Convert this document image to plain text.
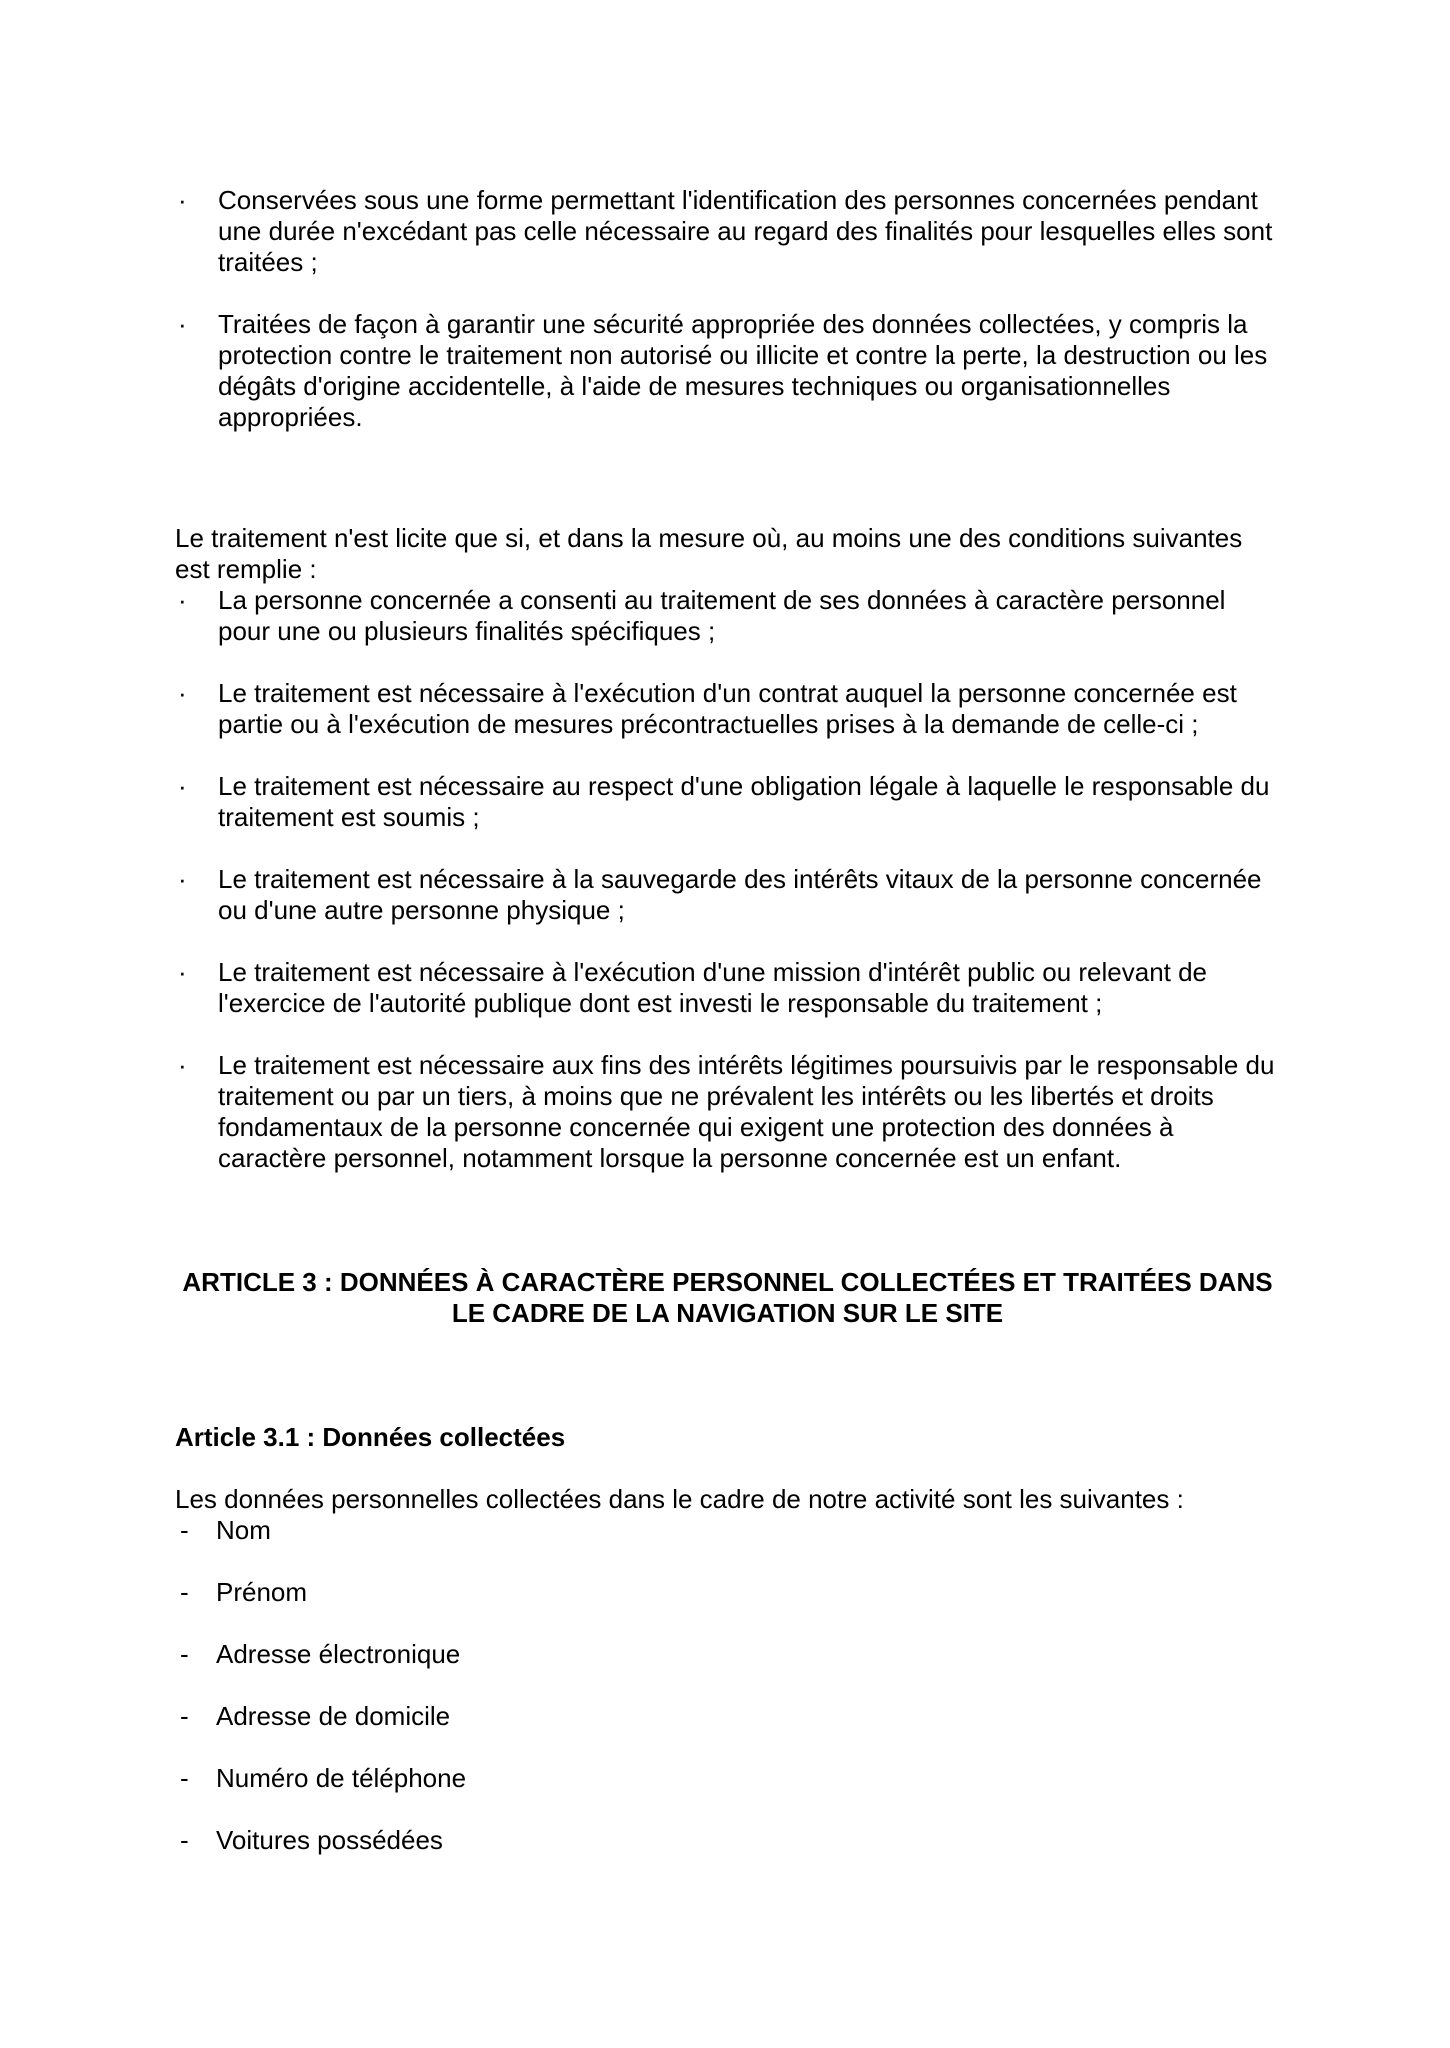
· Conservées sous une forme permettant l'identification des personnes concernées pendant une durée n'excédant pas celle nécessaire au regard des finalités pour lesquelles elles sont traitées ;
· Traitées de façon à garantir une sécurité appropriée des données collectées, y compris la protection contre le traitement non autorisé ou illicite et contre la perte, la destruction ou les dégâts d'origine accidentelle, à l'aide de mesures techniques ou organisationnelles appropriées.

Le traitement n'est licite que si, et dans la mesure où, au moins une des conditions suivantes est remplie :

· La personne concernée a consenti au traitement de ses données à caractère personnel pour une ou plusieurs finalités spécifiques ;
· Le traitement est nécessaire à l'exécution d'un contrat auquel la personne concernée est partie ou à l'exécution de mesures précontractuelles prises à la demande de celle-ci ;
· Le traitement est nécessaire au respect d'une obligation légale à laquelle le responsable du traitement est soumis ;
· Le traitement est nécessaire à la sauvegarde des intérêts vitaux de la personne concernée ou d'une autre personne physique ;
· Le traitement est nécessaire à l'exécution d'une mission d'intérêt public ou relevant de l'exercice de l'autorité publique dont est investi le responsable du traitement ;
· Le traitement est nécessaire aux fins des intérêts légitimes poursuivis par le responsable du traitement ou par un tiers, à moins que ne prévalent les intérêts ou les libertés et droits fondamentaux de la personne concernée qui exigent une protection des données à caractère personnel, notamment lorsque la personne concernée est un enfant.
ARTICLE 3 : DONNÉES À CARACTÈRE PERSONNEL COLLECTÉES ET TRAITÉES DANS LE CADRE DE LA NAVIGATION SUR LE SITE
Article 3.1 : Données collectées

Les données personnelles collectées dans le cadre de notre activité sont les suivantes :

- Nom
- Prénom
- Adresse électronique
- Adresse de domicile
- Numéro de téléphone
- Voitures possédées
